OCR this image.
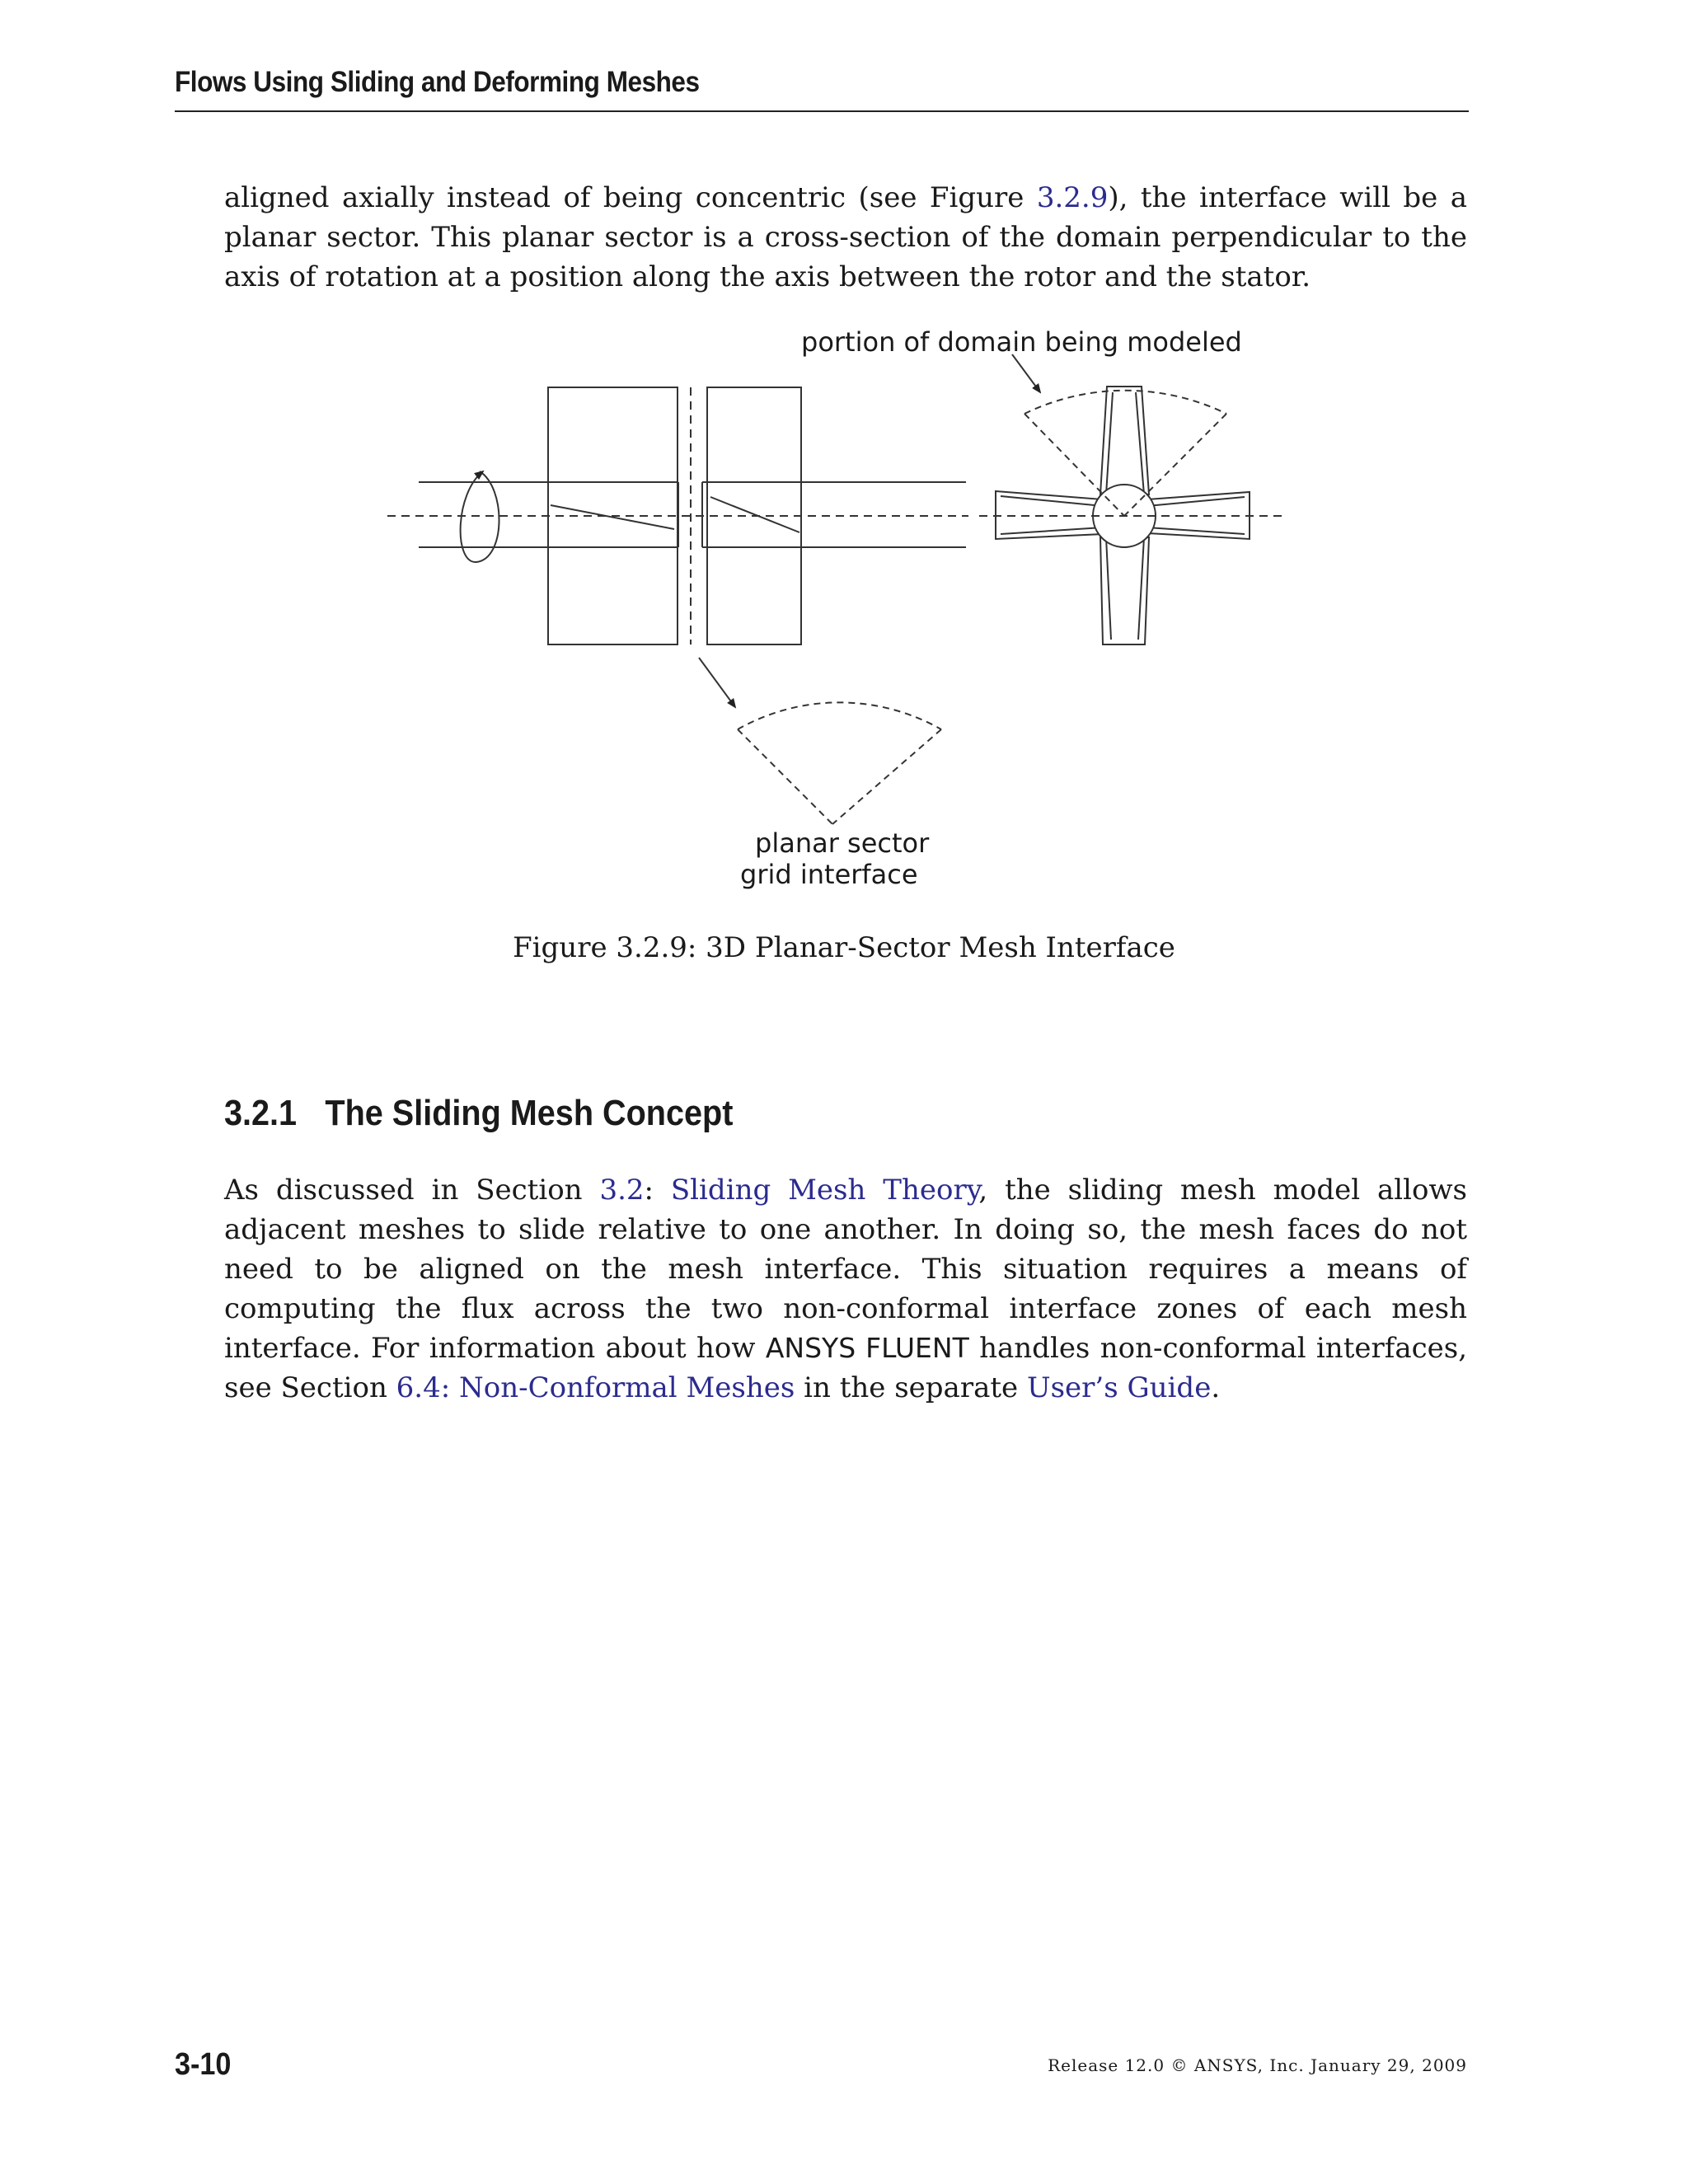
Flows Using Sliding and Deforming Meshes

aligned axially instead of being concentric (see Figure 3.2.9), the interface will be a planar sector. This planar sector is a cross-section of the domain perpendicular to the axis of rotation at a position along the axis between the rotor and the stator.

portion of domain being modeled
planar sector
grid interface
Figure 3.2.9: 3D Planar-Sector Mesh Interface
3.2.1 The Sliding Mesh Concept

As discussed in Section 3.2: Sliding Mesh Theory, the sliding mesh model allows adjacent meshes to slide relative to one another. In doing so, the mesh faces do not need to be aligned on the mesh interface. This situation requires a means of computing the flux across the two non-conformal interface zones of each mesh interface. For information about how ANSYS FLUENT handles non-conformal interfaces, see Section 6.4: Non-Conformal Meshes in the separate User’s Guide.

3-10	Release 12.0 © ANSYS, Inc. January 29, 2009
